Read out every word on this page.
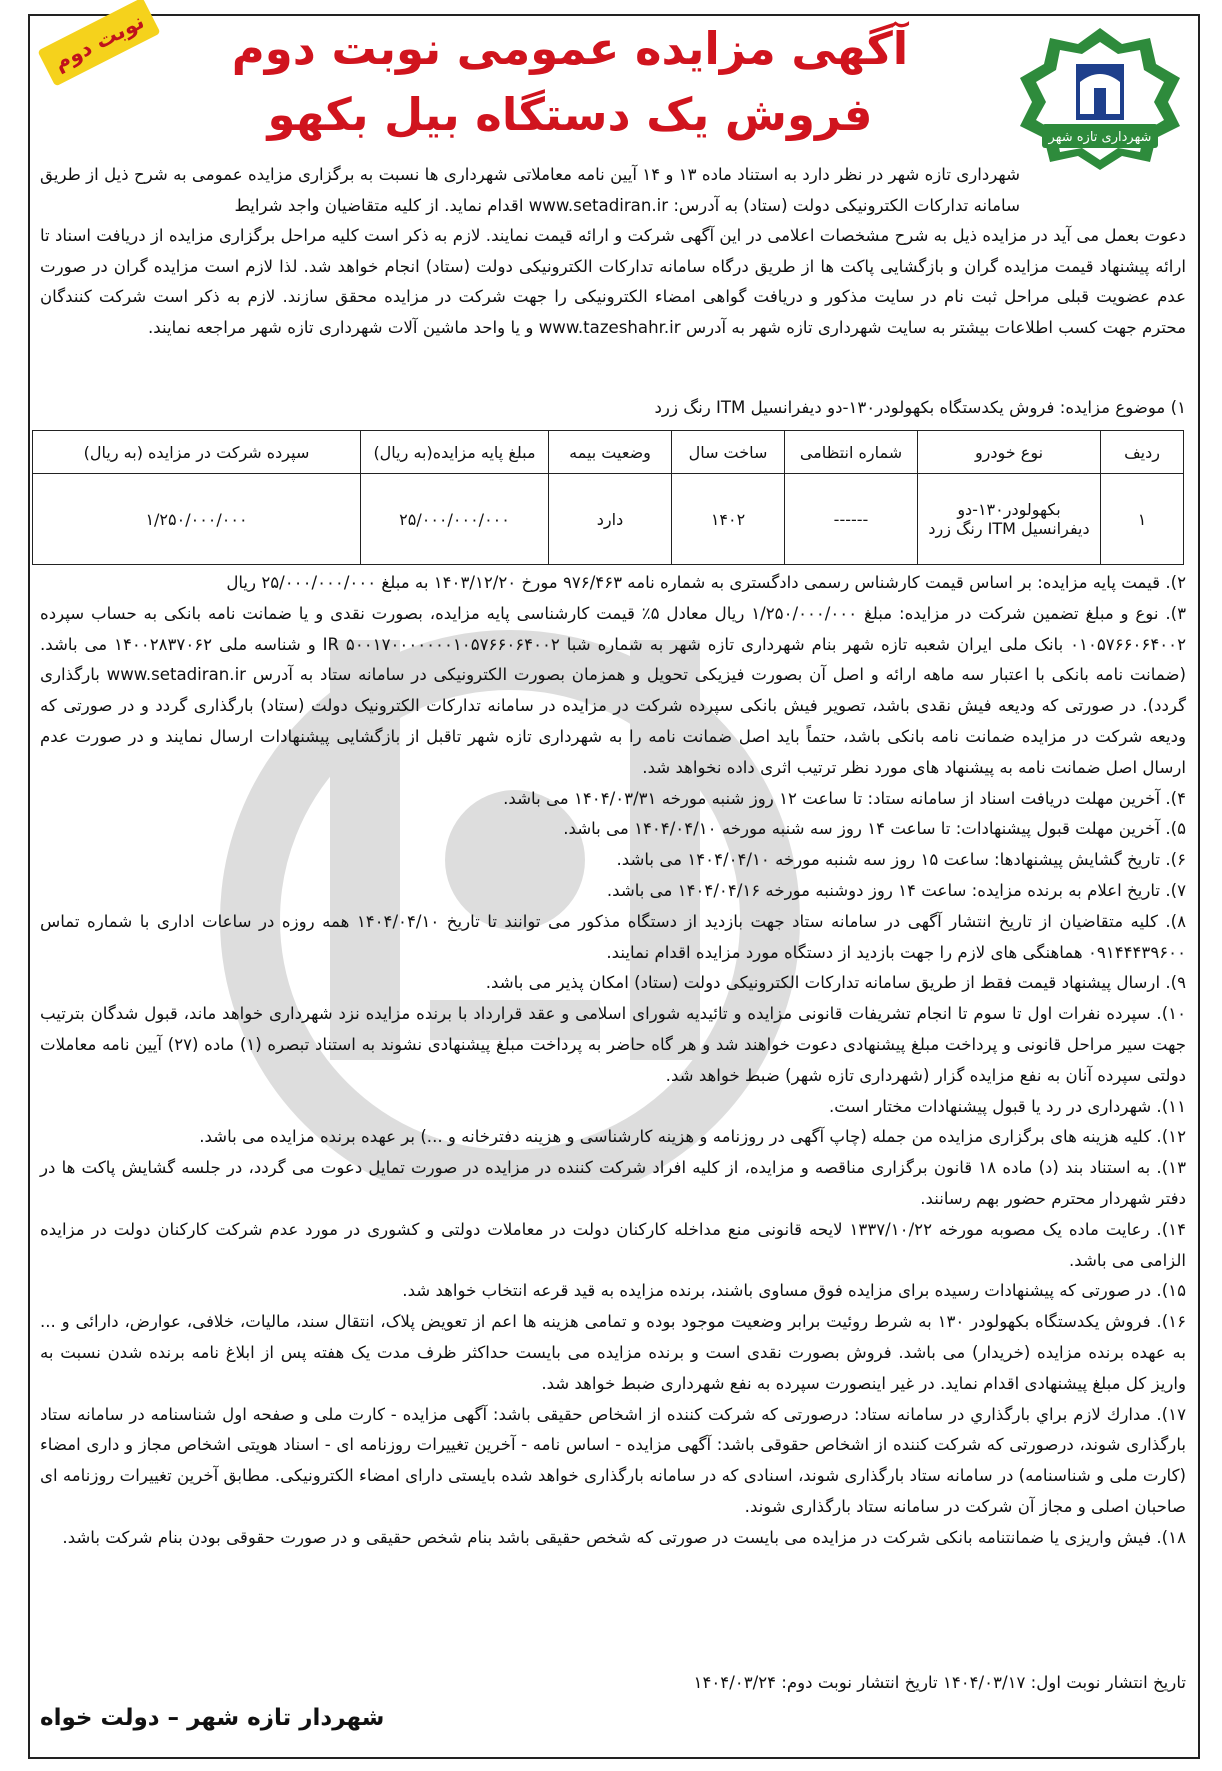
نوبت دوم
شهرداری تازه شهر
آگهی مزایده عمومی نوبت دوم
فروش یک دستگاه بیل بکهو
شهرداری تازه شهر در نظر دارد به استناد ماده ۱۳ و ۱۴ آیین نامه معاملاتی شهرداری ها نسبت به برگزاری مزایده عمومی به شرح ذیل از طریق سامانه تدارکات الکترونیکی دولت (ستاد) به آدرس: www.setadiran.ir اقدام نماید. از کلیه متقاضیان واجد شرایط
دعوت بعمل می آید در مزایده ذیل به شرح مشخصات اعلامی در این آگهی شرکت و ارائه قیمت نمایند. لازم به ذکر است کلیه مراحل برگزاری مزایده از دریافت اسناد تا ارائه پیشنهاد قیمت مزایده گران و بازگشایی پاکت ها از طریق درگاه سامانه تدارکات الکترونیکی دولت (ستاد) انجام خواهد شد. لذا لازم است مزایده گران در صورت عدم عضویت قبلی مراحل ثبت نام در سایت مذکور و دریافت گواهی امضاء الکترونیکی را جهت شرکت در مزایده محقق سازند. لازم به ذکر است شرکت کنندگان محترم جهت کسب اطلاعات بیشتر به سایت شهرداری تازه شهر به آدرس www.tazeshahr.ir و یا واحد ماشین آلات شهرداری تازه شهر مراجعه نمایند.
۱) موضوع مزایده: فروش یکدستگاه بکهولودر۱۳۰-دو دیفرانسیل ITM رنگ زرد
ردیف	نوع خودرو	شماره انتظامی	ساخت سال	وضعیت بیمه	مبلغ پایه مزایده(به ریال)	سپرده شرکت در مزایده (به ریال)
۱	بکهولودر۱۳۰-دو دیفرانسیل ITM رنگ زرد	------	۱۴۰۲	دارد	۲۵/۰۰۰/۰۰۰/۰۰۰	۱/۲۵۰/۰۰۰/۰۰۰

۲). قیمت پایه مزایده: بر اساس قیمت کارشناس رسمی دادگستری به شماره نامه ۹۷۶/۴۶۳ مورخ ۱۴۰۳/۱۲/۲۰ به مبلغ ۲۵/۰۰۰/۰۰۰/۰۰۰ ریال

۳). نوع و مبلغ تضمین شرکت در مزایده: مبلغ ۱/۲۵۰/۰۰۰/۰۰۰ ریال معادل ۵٪ قیمت کارشناسی پایه مزایده، بصورت نقدی و یا ضمانت نامه بانکی به حساب سپرده ۰۱۰۵۷۶۶۰۶۴۰۰۲ بانک ملی ایران شعبه تازه شهر بنام شهرداری تازه شهر به شماره شبا IR ۵۰۰۱۷۰۰۰۰۰۰۰۱۰۵۷۶۶۰۶۴۰۰۲ و شناسه ملی ۱۴۰۰۲۸۳۷۰۶۲ می باشد. (ضمانت نامه بانکی با اعتبار سه ماهه ارائه و اصل آن بصورت فیزیکی تحویل و همزمان بصورت الکترونیکی در سامانه ستاد به آدرس www.setadiran.ir بارگذاری گردد). در صورتی که ودیعه فیش نقدی باشد، تصویر فیش بانکی سپرده شرکت در مزایده در سامانه تدارکات الکترونیک دولت (ستاد) بارگذاری گردد و در صورتی که ودیعه شرکت در مزایده ضمانت نامه بانکی باشد، حتماً باید اصل ضمانت نامه را به شهرداری تازه شهر تاقبل از بازگشایی پیشنهادات ارسال نمایند و در صورت عدم ارسال اصل ضمانت نامه به پیشنهاد های مورد نظر ترتیب اثری داده نخواهد شد.

۴). آخرین مهلت دریافت اسناد از سامانه ستاد: تا ساعت ۱۲ روز شنبه مورخه ۱۴۰۴/۰۳/۳۱ می باشد.

۵). آخرین مهلت قبول پیشنهادات: تا ساعت ۱۴ روز سه شنبه مورخه ۱۴۰۴/۰۴/۱۰ می باشد.

۶). تاریخ گشایش پیشنهادها: ساعت ۱۵ روز سه شنبه مورخه ۱۴۰۴/۰۴/۱۰ می باشد.

۷). تاریخ اعلام به برنده مزایده: ساعت ۱۴ روز دوشنبه مورخه ۱۴۰۴/۰۴/۱۶ می باشد.

۸). کلیه متقاضیان از تاریخ انتشار آگهی در سامانه ستاد جهت بازدید از دستگاه مذکور می توانند تا تاریخ ۱۴۰۴/۰۴/۱۰ همه روزه در ساعات اداری با شماره تماس ۰۹۱۴۴۴۳۹۶۰۰ هماهنگی های لازم را جهت بازدید از دستگاه مورد مزایده اقدام نمایند.

۹). ارسال پیشنهاد قیمت فقط از طریق سامانه تدارکات الکترونیکی دولت (ستاد) امکان پذیر می باشد.

۱۰). سپرده نفرات اول تا سوم تا انجام تشریفات قانونی مزایده و تائیدیه شورای اسلامی و عقد قرارداد با برنده مزایده نزد شهرداری خواهد ماند، قبول شدگان بترتیب جهت سیر مراحل قانونی و پرداخت مبلغ پیشنهادی دعوت خواهند شد و هر گاه حاضر به پرداخت مبلغ پیشنهادی نشوند به استناد تبصره (۱) ماده (۲۷) آیین نامه معاملات دولتی سپرده آنان به نفع مزایده گزار (شهرداری تازه شهر) ضبط خواهد شد.

۱۱). شهرداری در رد یا قبول پیشنهادات مختار است.

۱۲). کلیه هزینه های برگزاری مزایده من جمله (چاپ آگهی در روزنامه و هزینه کارشناسی و هزینه دفترخانه و ...) بر عهده برنده مزایده می باشد.

۱۳). به استناد بند (د) ماده ۱۸ قانون برگزاری مناقصه و مزایده، از کلیه افراد شرکت کننده در مزایده در صورت تمایل دعوت می گردد، در جلسه گشایش پاکت ها در دفتر شهردار محترم حضور بهم رسانند.

۱۴). رعایت ماده یک مصوبه مورخه ۱۳۳۷/۱۰/۲۲ لایحه قانونی منع مداخله کارکنان دولت در معاملات دولتی و کشوری در مورد عدم شرکت کارکنان دولت در مزایده الزامی می باشد.

۱۵). در صورتی که پیشنهادات رسیده برای مزایده فوق مساوی باشند، برنده مزایده به قید قرعه انتخاب خواهد شد.

۱۶). فروش یکدستگاه بکهولودر ۱۳۰ به شرط روئیت برابر وضعیت موجود بوده و تمامی هزینه ها اعم از تعویض پلاک، انتقال سند، مالیات، خلافی، عوارض، دارائی و ... به عهده برنده مزایده (خریدار) می باشد. فروش بصورت نقدی است و برنده مزایده می بایست حداکثر ظرف مدت یک هفته پس از ابلاغ نامه برنده شدن نسبت به واریز کل مبلغ پیشنهادی اقدام نماید. در غیر اینصورت سپرده به نفع شهرداری ضبط خواهد شد.

۱۷). مدارك لازم براي بارگذاري در سامانه ستاد: درصورتی که شرکت کننده از اشخاص حقیقی باشد: آگهی مزایده - کارت ملی و صفحه اول شناسنامه در سامانه ستاد بارگذاری شوند، درصورتی که شرکت کننده از اشخاص حقوقی باشد: آگهی مزایده - اساس نامه - آخرین تغییرات روزنامه ای - اسناد هویتی اشخاص مجاز و داری امضاء (کارت ملی و شناسنامه) در سامانه ستاد بارگذاری شوند، اسنادی که در سامانه بارگذاری خواهد شده بایستی دارای امضاء الکترونیکی. مطابق آخرین تغییرات روزنامه ای صاحبان اصلی و مجاز آن شرکت در سامانه ستاد بارگذاری شوند.

۱۸). فیش واریزی یا ضمانتنامه بانکی شرکت در مزایده می بایست در صورتی که شخص حقیقی باشد بنام شخص حقیقی و در صورت حقوقی بودن بنام شرکت باشد.

تاریخ انتشار نوبت اول: ۱۴۰۴/۰۳/۱۷ تاریخ انتشار نوبت دوم: ۱۴۰۴/۰۳/۲۴
شهردار تازه شهر – دولت خواه
